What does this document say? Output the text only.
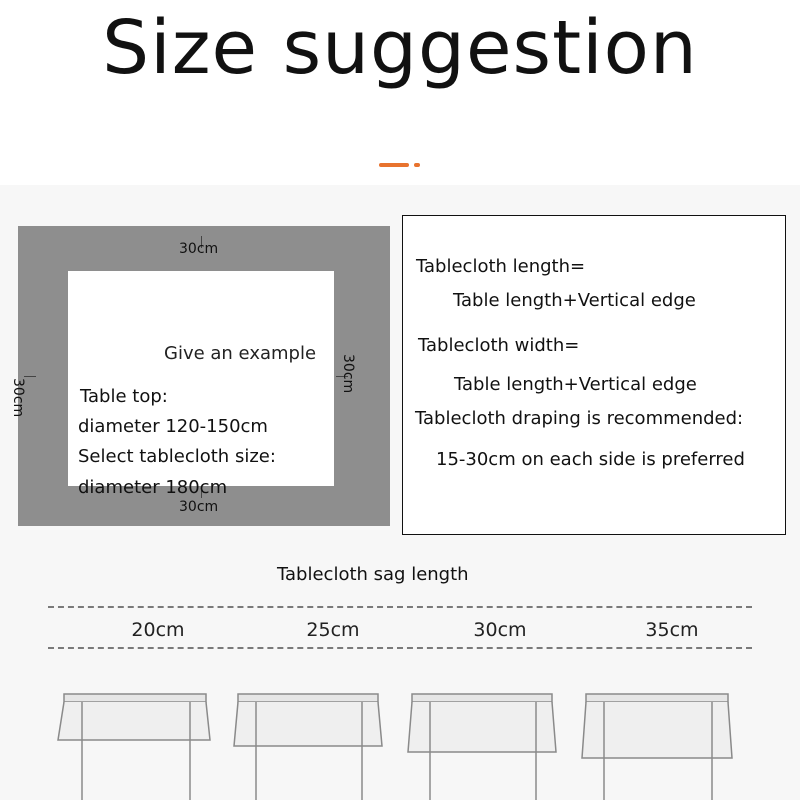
Size suggestion
30cm
30cm
30cm
30cm
Give an example
Table top:
diameter 120-150cm
Select tablecloth size:
diameter 180cm
Tablecloth length=
Table length+Vertical edge
Tablecloth width=
Table length+Vertical edge
Tablecloth draping is recommended:
15-30cm on each side is preferred
Tablecloth sag length
20cm	25cm	30cm	35cm
